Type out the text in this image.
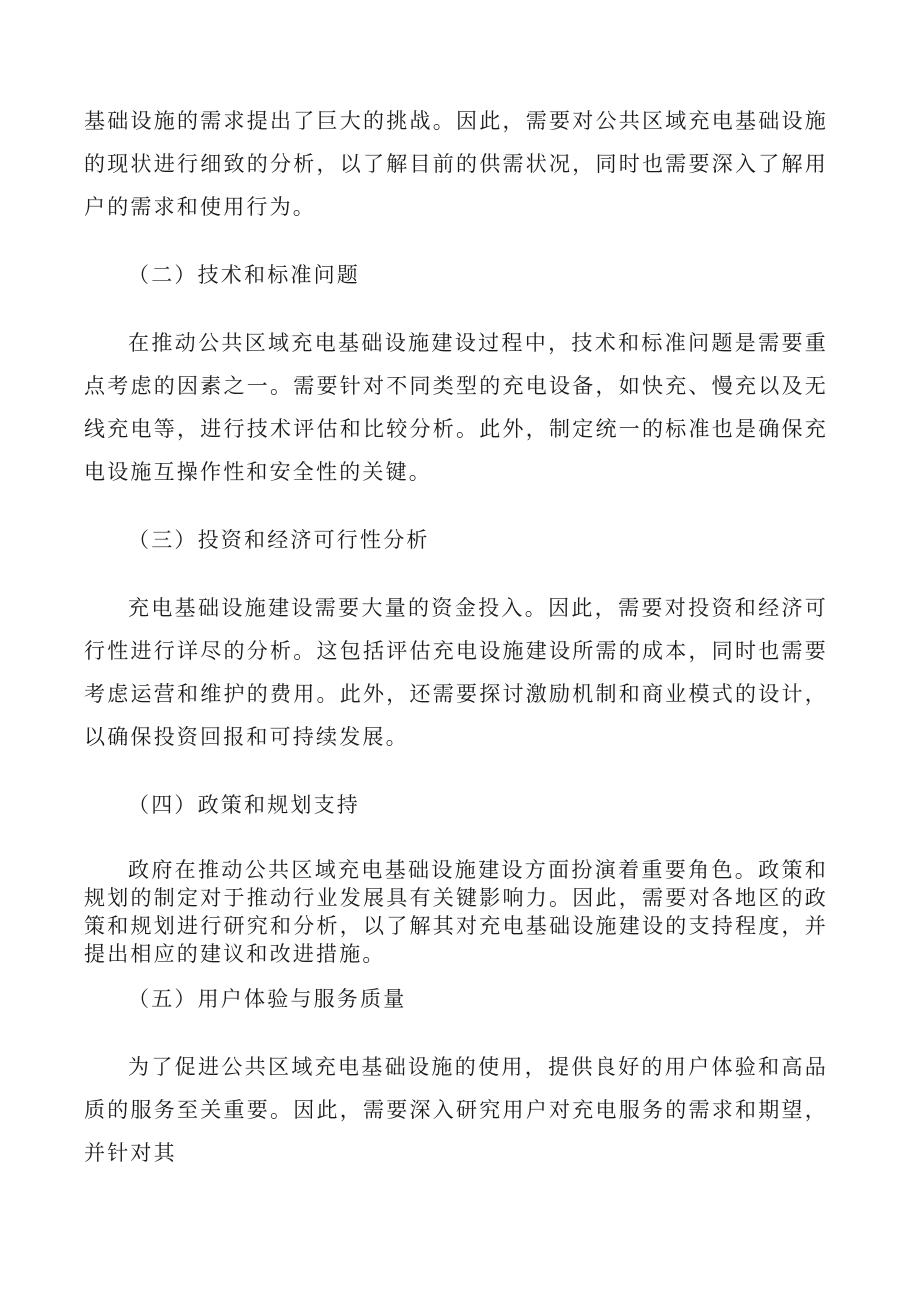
基础设施的需求提出了巨大的挑战。因此，需要对公共区域充电基础设施的现状进行细致的分析，以了解目前的供需状况，同时也需要深入了解用户的需求和使用行为。

（二）技术和标准问题

在推动公共区域充电基础设施建设过程中，技术和标准问题是需要重点考虑的因素之一。需要针对不同类型的充电设备，如快充、慢充以及无线充电等，进行技术评估和比较分析。此外，制定统一的标准也是确保充电设施互操作性和安全性的关键。

（三）投资和经济可行性分析

充电基础设施建设需要大量的资金投入。因此，需要对投资和经济可行性进行详尽的分析。这包括评估充电设施建设所需的成本，同时也需要考虑运营和维护的费用。此外，还需要探讨激励机制和商业模式的设计，以确保投资回报和可持续发展。

（四）政策和规划支持

政府在推动公共区域充电基础设施建设方面扮演着重要角色。政策和规划的制定对于推动行业发展具有关键影响力。因此，需要对各地区的政策和规划进行研究和分析，以了解其对充电基础设施建设的支持程度，并提出相应的建议和改进措施。

（五）用户体验与服务质量

为了促进公共区域充电基础设施的使用，提供良好的用户体验和高品质的服务至关重要。因此，需要深入研究用户对充电服务的需求和期望，并针对其
